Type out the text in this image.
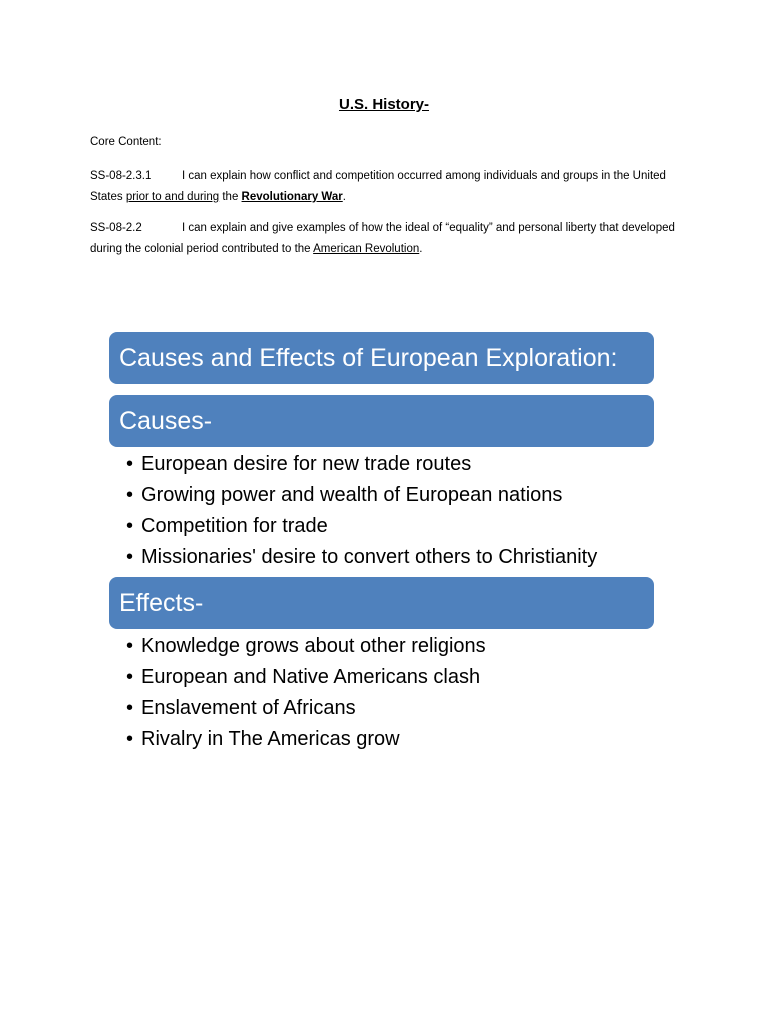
U.S. History-
Core Content:
SS-08-2.3.1	I can explain how conflict and competition occurred among individuals and groups in the United States prior to and during the Revolutionary War.
SS-08-2.2	I can explain and give examples of how the ideal of “equality” and personal liberty that developed during the colonial period contributed to the American Revolution.
Causes and Effects of European Exploration:
Causes-
• European desire for new trade routes
• Growing power and wealth of European nations
• Competition for trade
• Missionaries' desire to convert others to Christianity
Effects-
• Knowledge grows about other religions
• European and Native Americans clash
• Enslavement of Africans
• Rivalry in The Americas grow
